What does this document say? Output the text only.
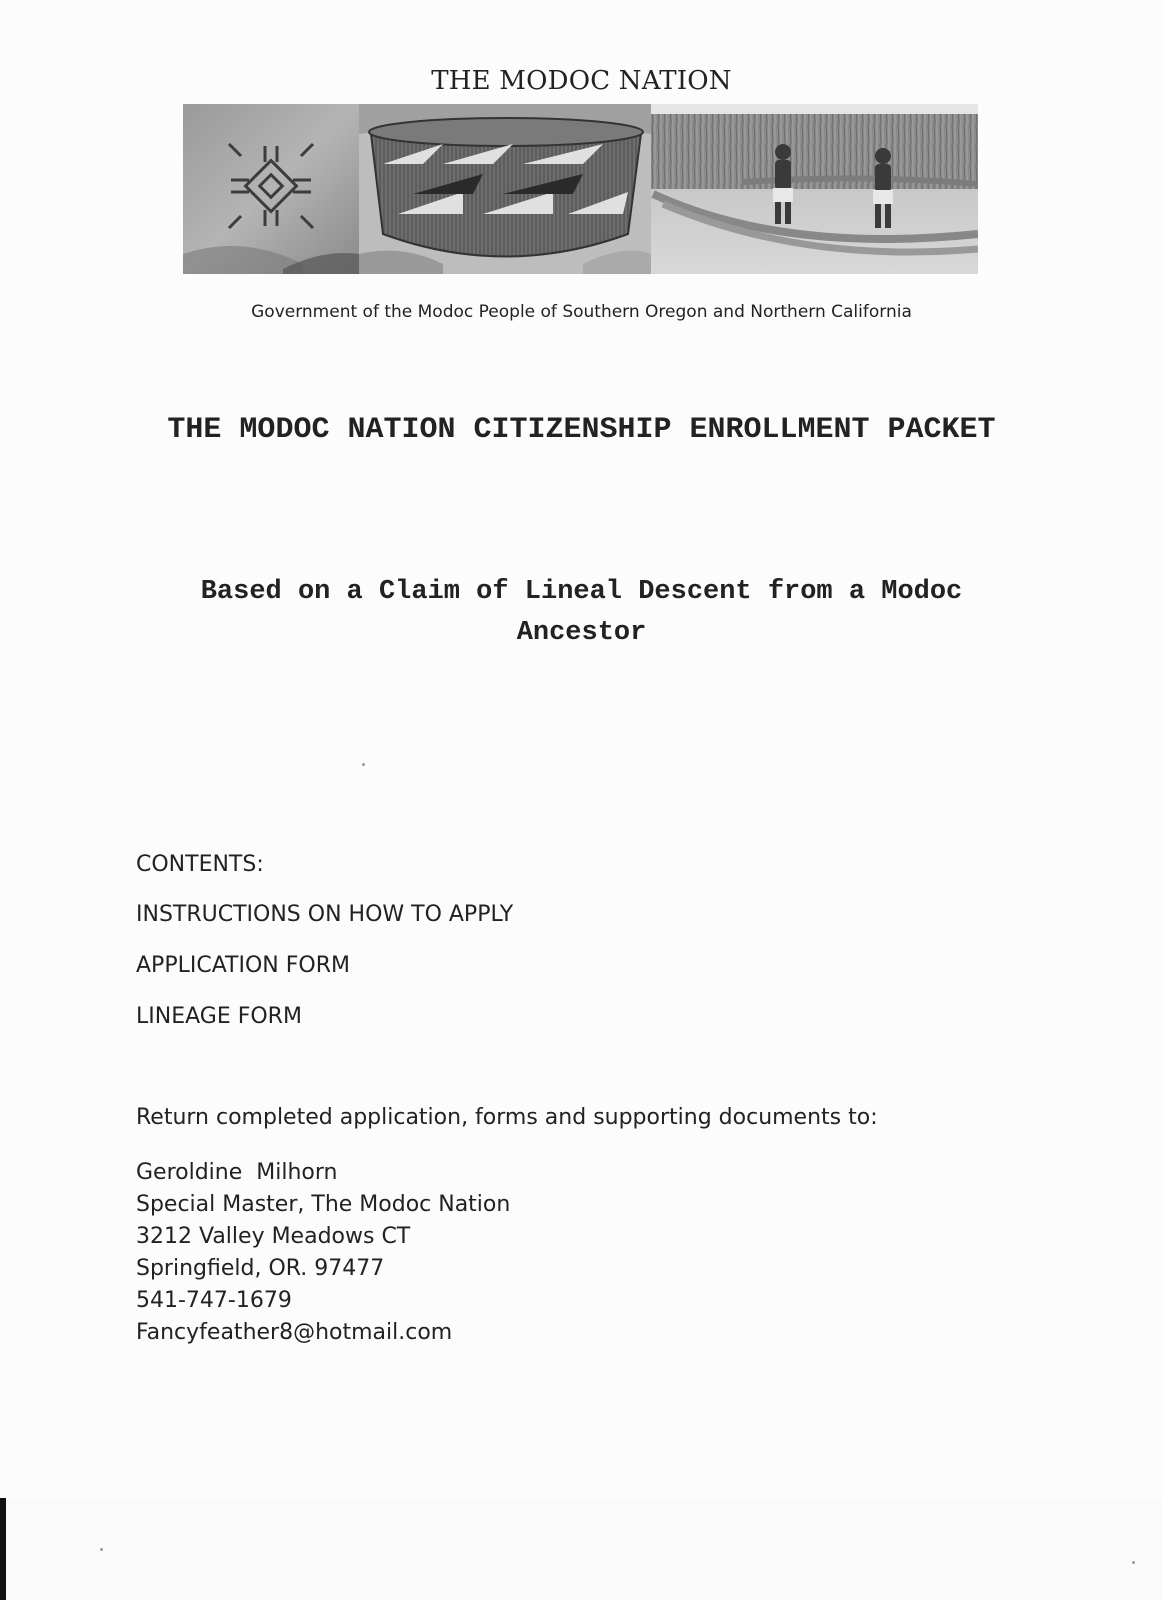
THE MODOC NATION
Government of the Modoc People of Southern Oregon and Northern California
THE MODOC NATION CITIZENSHIP ENROLLMENT PACKET
Based on a Claim of Lineal Descent from a Modoc Ancestor
CONTENTS:
INSTRUCTIONS ON HOW TO APPLY
APPLICATION FORM
LINEAGE FORM
Return completed application, forms and supporting documents to:
Geroldine  Milhorn
Special Master, The Modoc Nation
3212 Valley Meadows CT
Springfield, OR. 97477
541-747-1679
Fancyfeather8@hotmail.com
